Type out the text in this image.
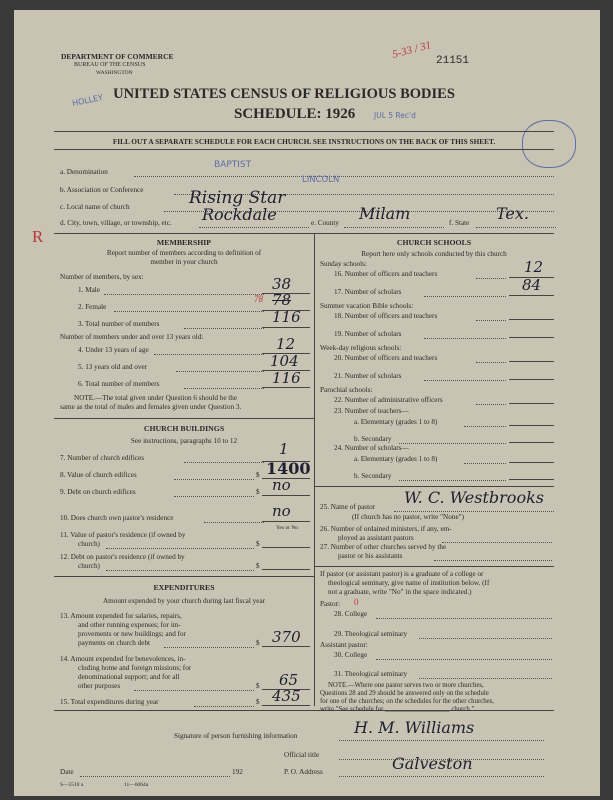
DEPARTMENT OF COMMERCE
BUREAU OF THE CENSUS
WASHINGTON
5-33 / 31
21151
HOLLEY UNITED STATES CENSUS OF RELIGIOUS BODIES
SCHEDULE: 1926 JUL 5 Rec'd
FILL OUT A SEPARATE SCHEDULE FOR EACH CHURCH. SEE INSTRUCTIONS ON THE BACK OF THIS SHEET.
a. Denomination
BAPTIST
b. Association or Conference
LINCOLN
c. Local name of church	Rising Star
R
d. City, town, village, or township, etc. Rockdale	e. County Milam	f. State Tex.
MEMBERSHIP
Report number of members according to definition of
member in your church
Number of members, by sex:
1. Male	38
2. Female
78 78
3. Total number of members	116
Number of members under and over 13 years old:
4. Under 13 years of age	12
5. 13 years old and over	104
6. Total number of members	116
NOTE.—The total given under Question 6 should be the
same as the total of males and females given under Question 3.
CHURCH BUILDINGS
See instructions, paragraphs 10 to 12
7. Number of church edifices	1
8. Value of church edifices	$ 1400
9. Debt on church edifices	$ no
10. Does church own pastor's residence	no
Yes or No
11. Value of pastor's residence (if owned by
church)	$
12. Debt on pastor's residence (if owned by
church)	$
EXPENDITURES
Amount expended by your church during last fiscal year
13. Amount expended for salaries, repairs,
and other running expenses; for im-
provements or new buildings; and for
payments on church debt	$ 370
14. Amount expended for benevolences, in-
cluding home and foreign missions; for
denominational support; and for all
other purposes	$ 65
15. Total expenditures during year	$ 435
CHURCH SCHOOLS
Report here only schools conducted by this church
Sunday schools:
16. Number of officers and teachers	12
17. Number of scholars	84
Summer vacation Bible schools:
18. Number of officers and teachers
19. Number of scholars
Week-day religious schools:
20. Number of officers and teachers
21. Number of scholars
Parochial schools:
22. Number of administrative officers
23. Number of teachers—
a. Elementary (grades 1 to 8)
b. Secondary
24. Number of scholars—
a. Elementary (grades 1 to 8)
b. Secondary
25. Name of pastor W. C. Westbrooks
(If church has no pastor, write "None")
26. Number of ordained ministers, if any, em-
ployed as assistant pastors
27. Number of other churches served by the
pastor or his assistants
If pastor (or assistant pastor) is a graduate of a college or
theological seminary, give name of institution below. (If
not a graduate, write "No" in the space indicated.)
Pastor: 0
28. College
29. Theological seminary
Assistant pastor:
30. College
31. Theological seminary
NOTE.—Where one pastor serves two or more churches,
Questions 28 and 29 should be answered only on the schedule
for one of the churches; on the schedules for the other churches,
write "See schedule for ___________________ church."
Signature of person furnishing information	H. M. Williams
Official title
Date	192	P. O. Address	Galveston
S—5518 a	11—6064a
